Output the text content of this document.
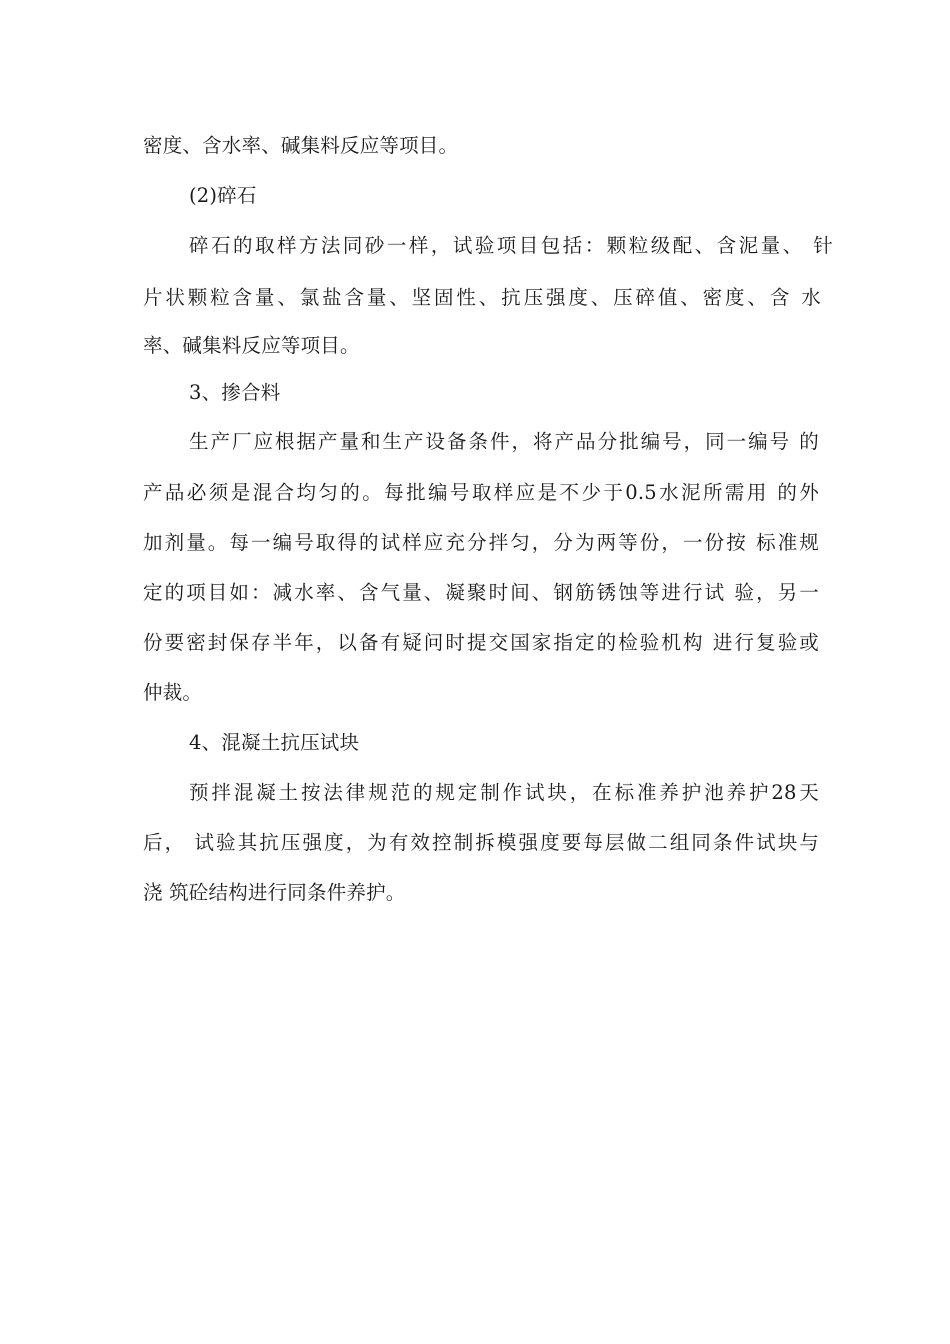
密度、含水率、碱集料反应等项目。
(2)碎石
碎石的取样方法同砂一样，试验项目包括：颗粒级配、含泥量、 针
片状颗粒含量、氯盐含量、坚固性、抗压强度、压碎值、密度、含 水
率、碱集料反应等项目。
3、掺合料
生产厂应根据产量和生产设备条件，将产品分批编号，同一编号 的
产品必须是混合均匀的。每批编号取样应是不少于0.5水泥所需用 的外
加剂量。每一编号取得的试样应充分拌匀，分为两等份，一份按 标准规
定的项目如：减水率、含气量、凝聚时间、钢筋锈蚀等进行试 验，另一
份要密封保存半年，以备有疑问时提交国家指定的检验机构 进行复验或
仲裁。
4、混凝土抗压试块
预拌混凝土按法律规范的规定制作试块，在标准养护池养护28天
后， 试验其抗压强度，为有效控制拆模强度要每层做二组同条件试块与
浇 筑砼结构进行同条件养护。
